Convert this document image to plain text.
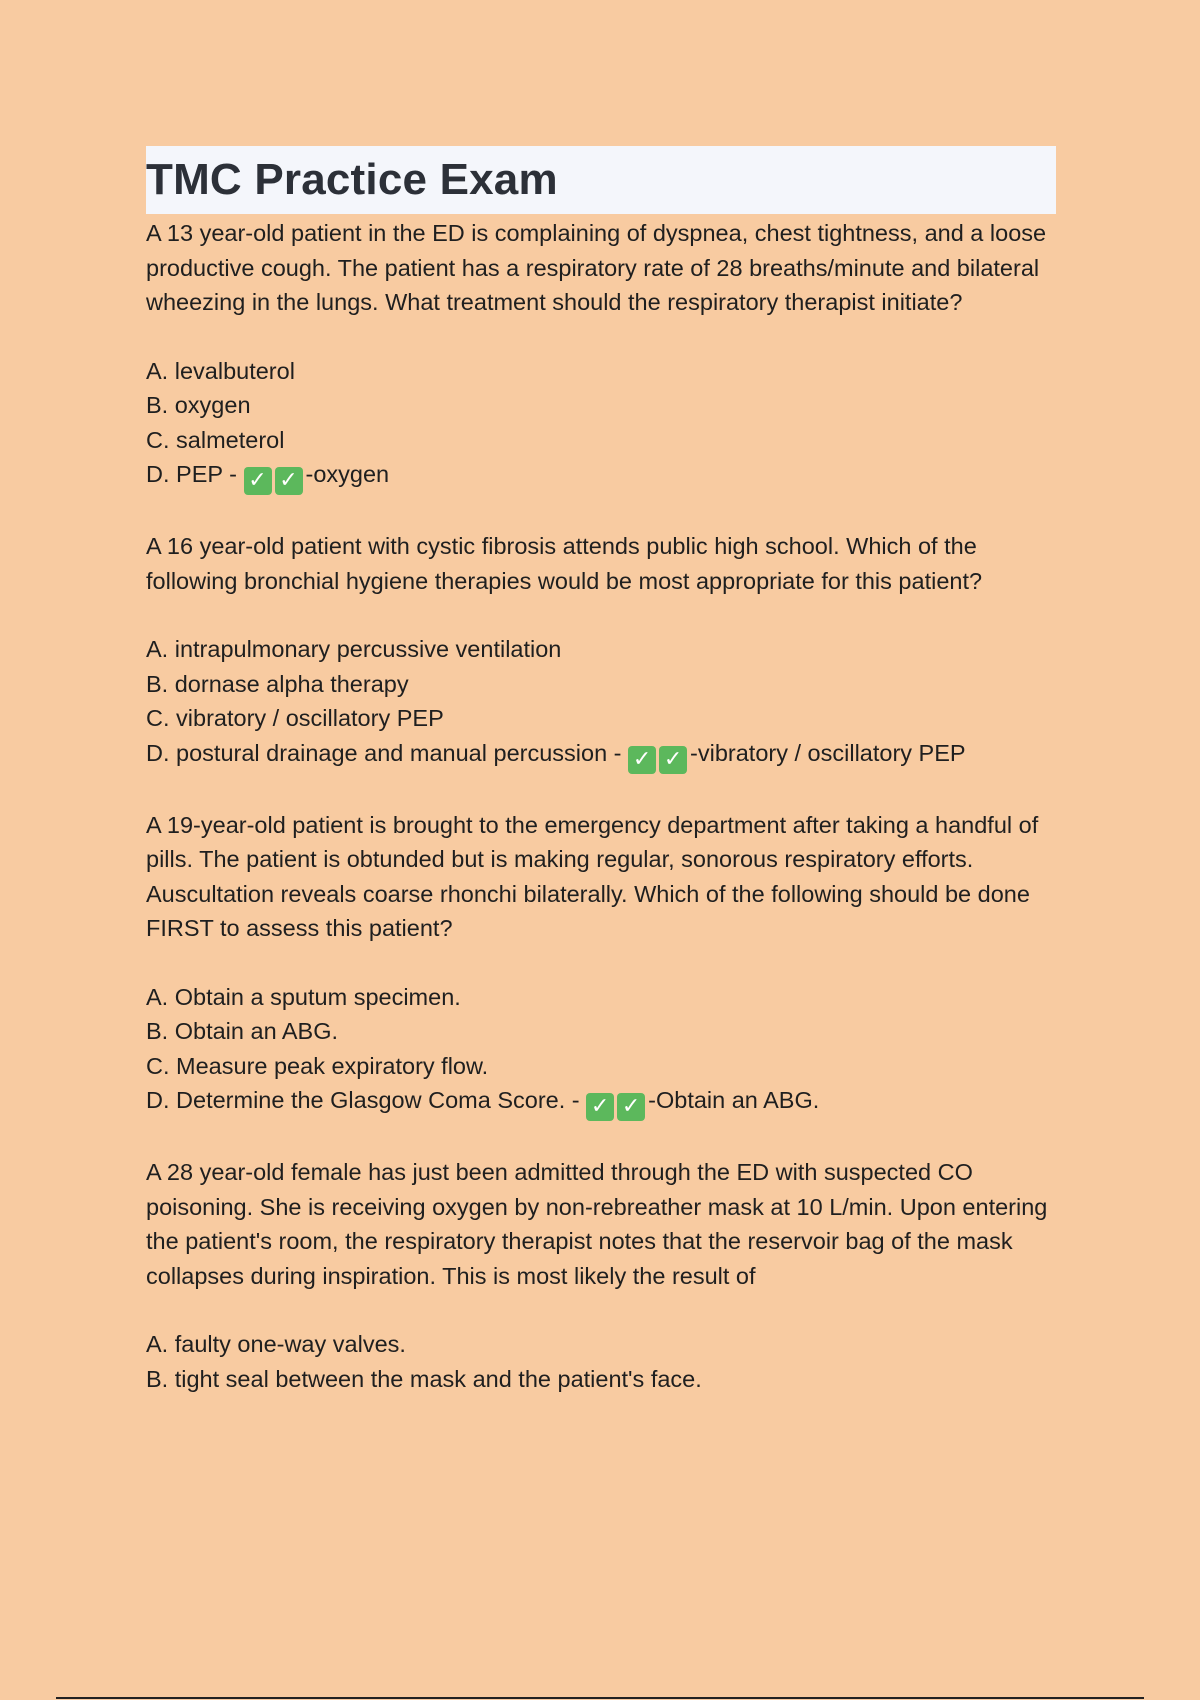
TMC Practice Exam

A 13 year-old patient in the ED is complaining of dyspnea, chest tightness, and a loose productive cough. The patient has a respiratory rate of 28 breaths/minute and bilateral wheezing in the lungs. What treatment should the respiratory therapist initiate?

A. levalbuterol
B. oxygen
C. salmeterol
D. PEP - ✓ ✓ -oxygen

A 16 year-old patient with cystic fibrosis attends public high school. Which of the following bronchial hygiene therapies would be most appropriate for this patient?

A. intrapulmonary percussive ventilation
B. dornase alpha therapy
C. vibratory / oscillatory PEP
D. postural drainage and manual percussion - ✓ ✓ -vibratory / oscillatory PEP

A 19-year-old patient is brought to the emergency department after taking a handful of pills. The patient is obtunded but is making regular, sonorous respiratory efforts. Auscultation reveals coarse rhonchi bilaterally. Which of the following should be done FIRST to assess this patient?

A. Obtain a sputum specimen.
B. Obtain an ABG.
C. Measure peak expiratory flow.
D. Determine the Glasgow Coma Score. - ✓ ✓ -Obtain an ABG.

A 28 year-old female has just been admitted through the ED with suspected CO poisoning. She is receiving oxygen by non-rebreather mask at 10 L/min. Upon entering the patient's room, the respiratory therapist notes that the reservoir bag of the mask collapses during inspiration. This is most likely the result of

A. faulty one-way valves.
B. tight seal between the mask and the patient's face.
